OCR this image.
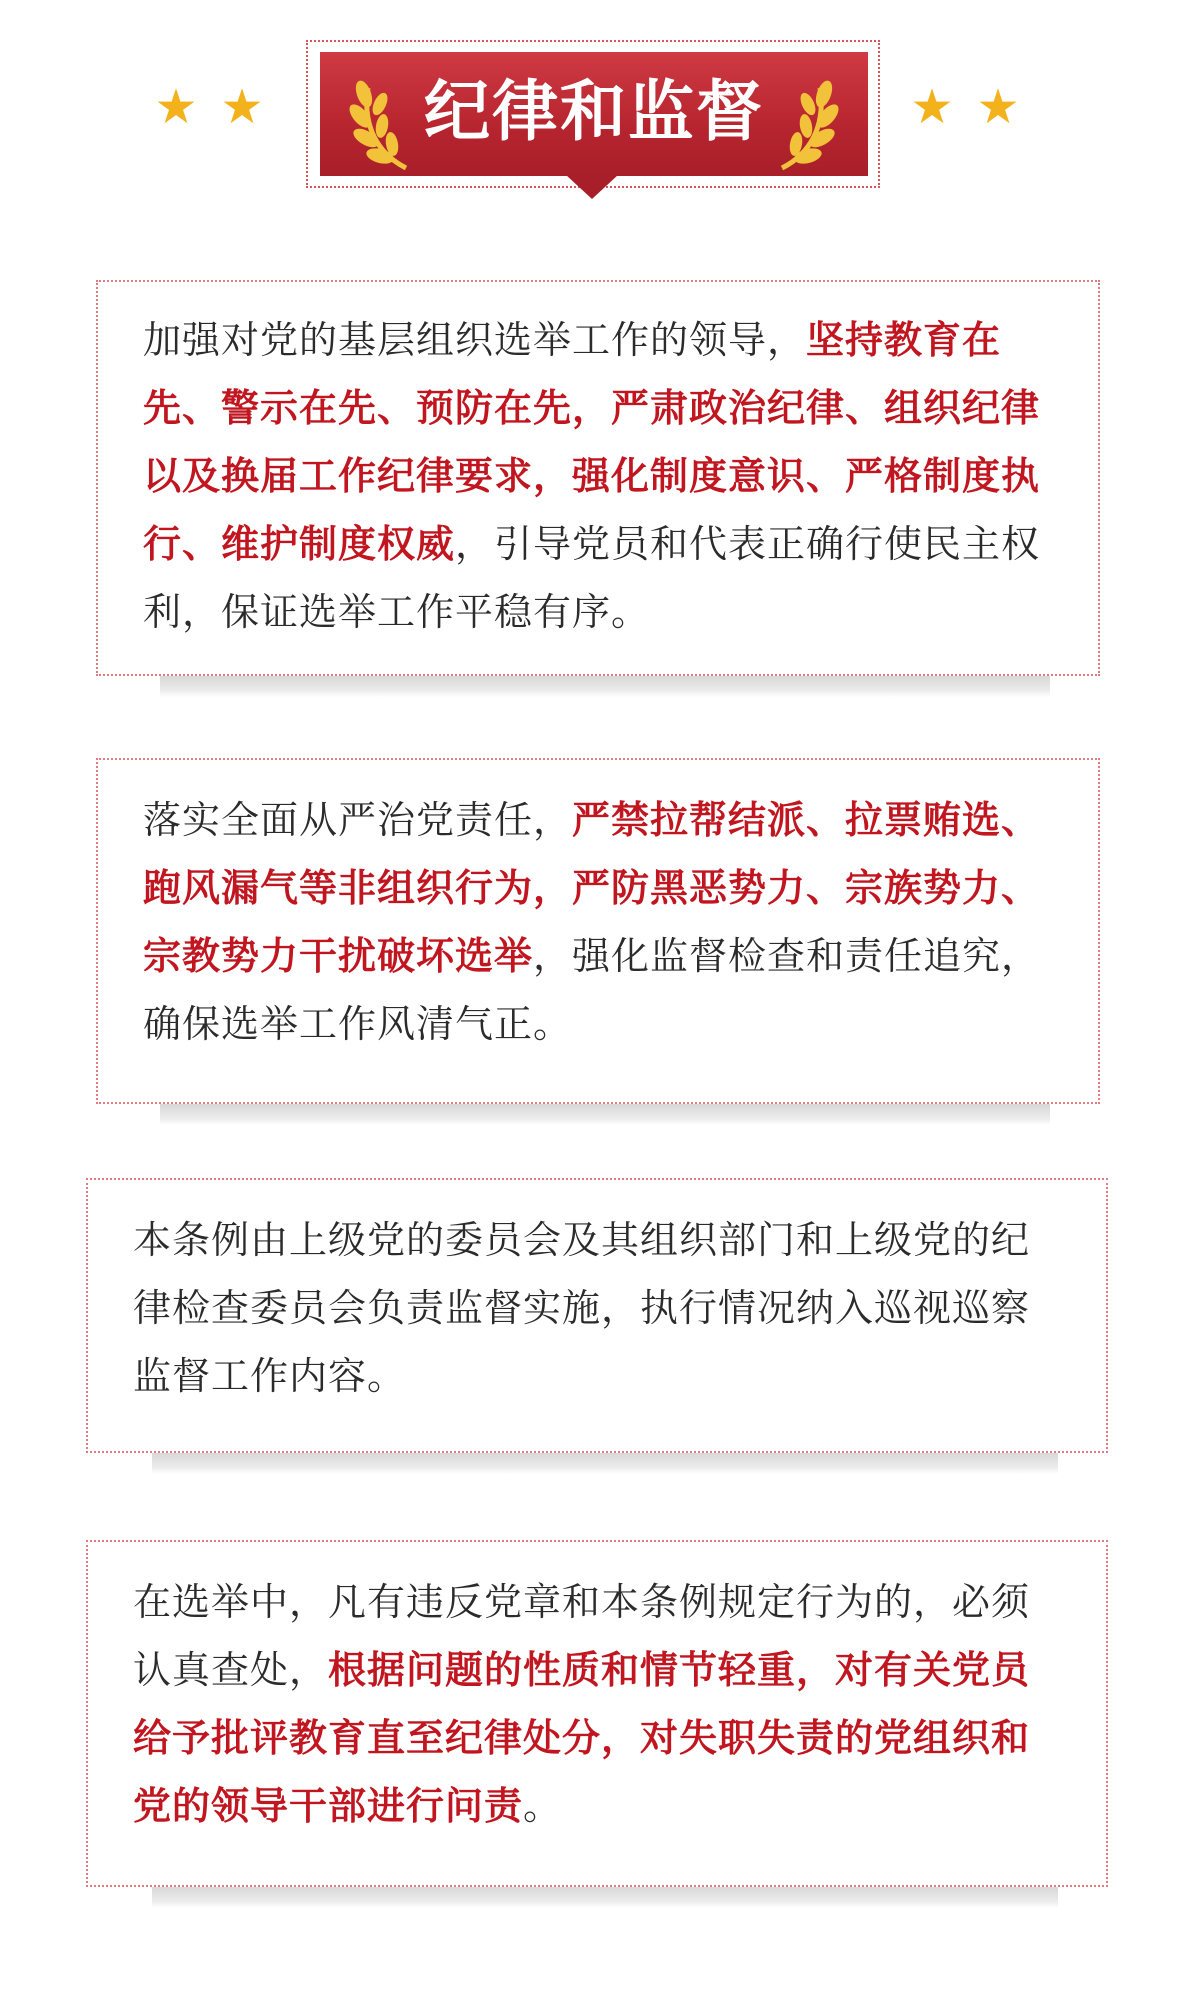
★ ★	★ ★
纪律和监督
加强对党的基层组织选举工作的领导，坚持教育在先、警示在先、预防在先，严肃政治纪律、组织纪律以及换届工作纪律要求，强化制度意识、严格制度执行、维护制度权威，引导党员和代表正确行使民主权利，保证选举工作平稳有序。
落实全面从严治党责任，严禁拉帮结派、拉票贿选、跑风漏气等非组织行为，严防黑恶势力、宗族势力、宗教势力干扰破坏选举，强化监督检查和责任追究，确保选举工作风清气正。
本条例由上级党的委员会及其组织部门和上级党的纪律检查委员会负责监督实施，执行情况纳入巡视巡察监督工作内容。
在选举中，凡有违反党章和本条例规定行为的，必须认真查处，根据问题的性质和情节轻重，对有关党员给予批评教育直至纪律处分，对失职失责的党组织和党的领导干部进行问责。
